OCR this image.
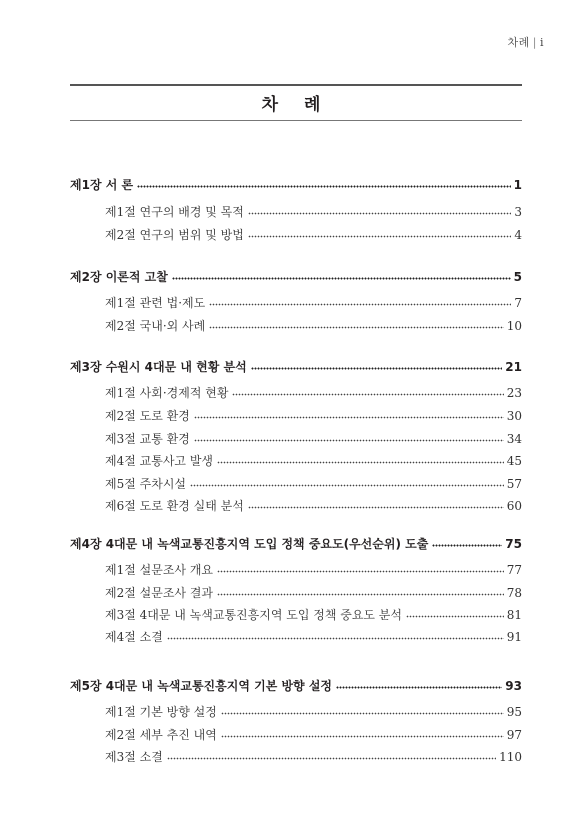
차례 | i
차 례
제1장 서 론	1
제1절 연구의 배경 및 목적	3
제2절 연구의 범위 및 방법	4
제2장 이론적 고찰	5
제1절 관련 법·제도	7
제2절 국내·외 사례	10
제3장 수원시 4대문 내 현황 분석	21
제1절 사회·경제적 현황	23
제2절 도로 환경	30
제3절 교통 환경	34
제4절 교통사고 발생	45
제5절 주차시설	57
제6절 도로 환경 실태 분석	60
제4장 4대문 내 녹색교통진흥지역 도입 정책 중요도(우선순위) 도출	75
제1절 설문조사 개요	77
제2절 설문조사 결과	78
제3절 4대문 내 녹색교통진흥지역 도입 정책 중요도 분석	81
제4절 소결	91
제5장 4대문 내 녹색교통진흥지역 기본 방향 설정	93
제1절 기본 방향 설정	95
제2절 세부 추진 내역	97
제3절 소결	110
